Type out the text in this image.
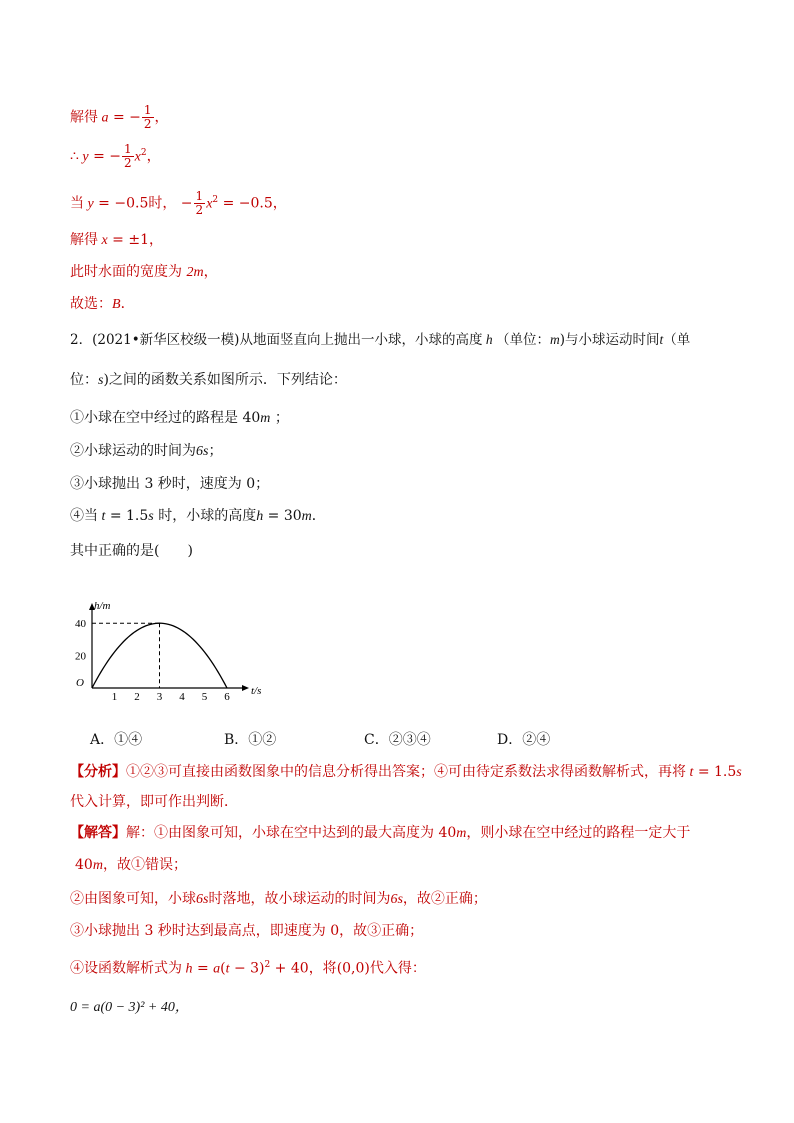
解得 a = − $\frac{1}{2}$ ，
∴ y = − $\frac{1}{2} x^2$，
当 y = −0.5时， − $\frac{1}{2} x^2 = -0.5$，
解得 x = ±1，
此时水面的宽度为 2m，
故选：B．
2．(2021•新华区校级一模)从地面竖直向上抛出一小球，小球的高度 h （单位：m)与小球运动时间t（单
位：s)之间的函数关系如图所示．下列结论：
①小球在空中经过的路程是 40m ；
②小球运动的时间为6s；
③小球抛出 3 秒时，速度为 0；
④当 t = 1.5s 时，小球的高度h = 30m．
其中正确的是(　　)
1 2 3 4 5 6
20
40
O
t/s
h/m
A．①④	B．①②	C．②③④	D．②④
【分析】①②③可直接由函数图象中的信息分析得出答案；④可由待定系数法求得函数解析式，再将 t = 1.5s
代入计算，即可作出判断．
【解答】解：①由图象可知，小球在空中达到的最大高度为 40m，则小球在空中经过的路程一定大于
40m，故①错误；
②由图象可知，小球6s时落地，故小球运动的时间为6s，故②正确；
③小球抛出 3 秒时达到最高点，即速度为 0，故③正确；
④设函数解析式为 $h = a(t - 3)^2 + 40$，将(0,0)代入得：
0 = a(0 − 3)² + 40，
